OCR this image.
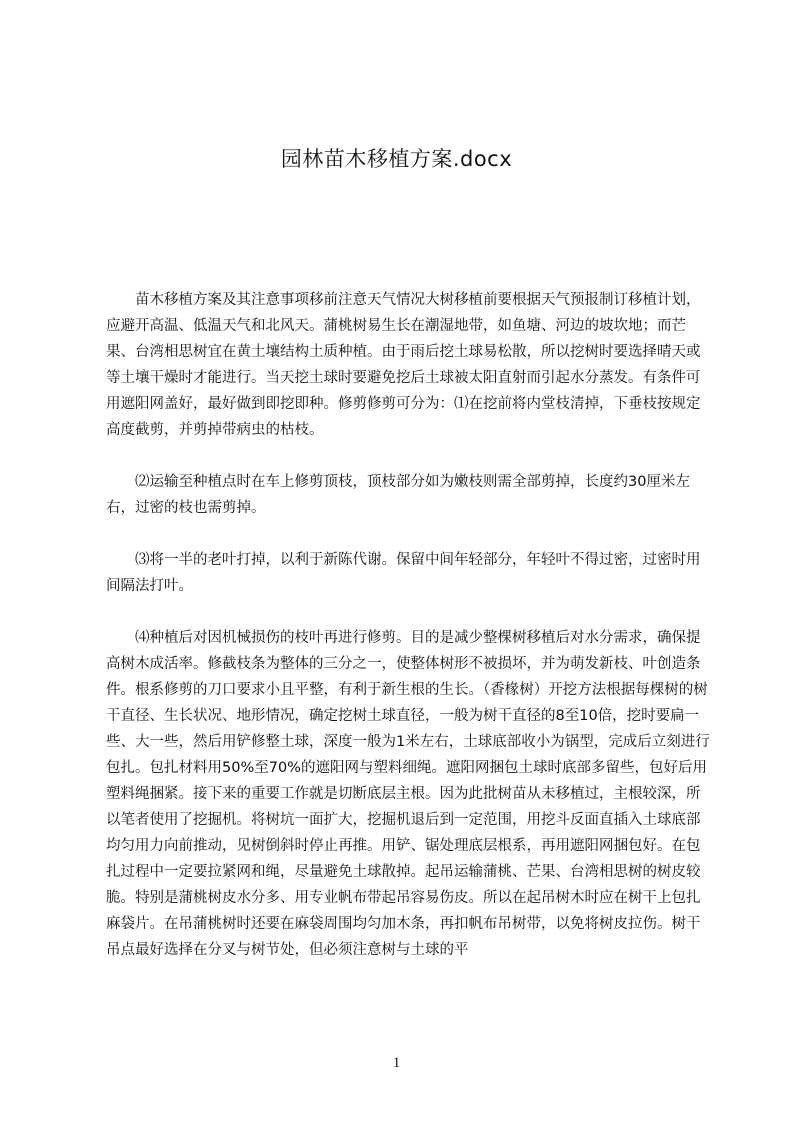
园林苗木移植方案.docx

苗木移植方案及其注意事项移前注意天气情况大树移植前要根据天气预报制订移植计划，应避开高温、低温天气和北风天。蒲桃树易生长在潮湿地带，如鱼塘、河边的坡坎地；而芒果、台湾相思树宜在黄土壤结构土质种植。由于雨后挖土球易松散，所以挖树时要选择晴天或等土壤干燥时才能进行。当天挖土球时要避免挖后土球被太阳直射而引起水分蒸发。有条件可用遮阳网盖好，最好做到即挖即种。修剪修剪可分为：⑴在挖前将内堂枝清掉，下垂枝按规定高度截剪，并剪掉带病虫的枯枝。

⑵运输至种植点时在车上修剪顶枝，顶枝部分如为嫩枝则需全部剪掉，长度约30厘米左右，过密的枝也需剪掉。

⑶将一半的老叶打掉，以利于新陈代谢。保留中间年轻部分，年轻叶不得过密，过密时用间隔法打叶。

⑷种植后对因机械损伤的枝叶再进行修剪。目的是减少整棵树移植后对水分需求，确保提高树木成活率。修截枝条为整体的三分之一，使整体树形不被损坏，并为萌发新枝、叶创造条件。根系修剪的刀口要求小且平整，有利于新生根的生长。（香椽树）开挖方法根据每棵树的树干直径、生长状况、地形情况，确定挖树土球直径，一般为树干直径的8至10倍，挖时要扁一些、大一些，然后用铲修整土球，深度一般为1米左右，土球底部收小为锅型，完成后立刻进行包扎。包扎材料用50%至70%的遮阳网与塑料细绳。遮阳网捆包土球时底部多留些，包好后用塑料绳捆紧。接下来的重要工作就是切断底层主根。因为此批树苗从未移植过，主根较深，所以笔者使用了挖掘机。将树坑一面扩大，挖掘机退后到一定范围，用挖斗反面直插入土球底部均匀用力向前推动，见树倒斜时停止再推。用铲、锯处理底层根系，再用遮阳网捆包好。在包扎过程中一定要拉紧网和绳，尽量避免土球散掉。起吊运输蒲桃、芒果、台湾相思树的树皮较脆。特别是蒲桃树皮水分多、用专业帆布带起吊容易伤皮。所以在起吊树木时应在树干上包扎麻袋片。在吊蒲桃树时还要在麻袋周围均匀加木条，再扣帆布吊树带，以免将树皮拉伤。树干吊点最好选择在分叉与树节处，但必须注意树与土球的平

1
